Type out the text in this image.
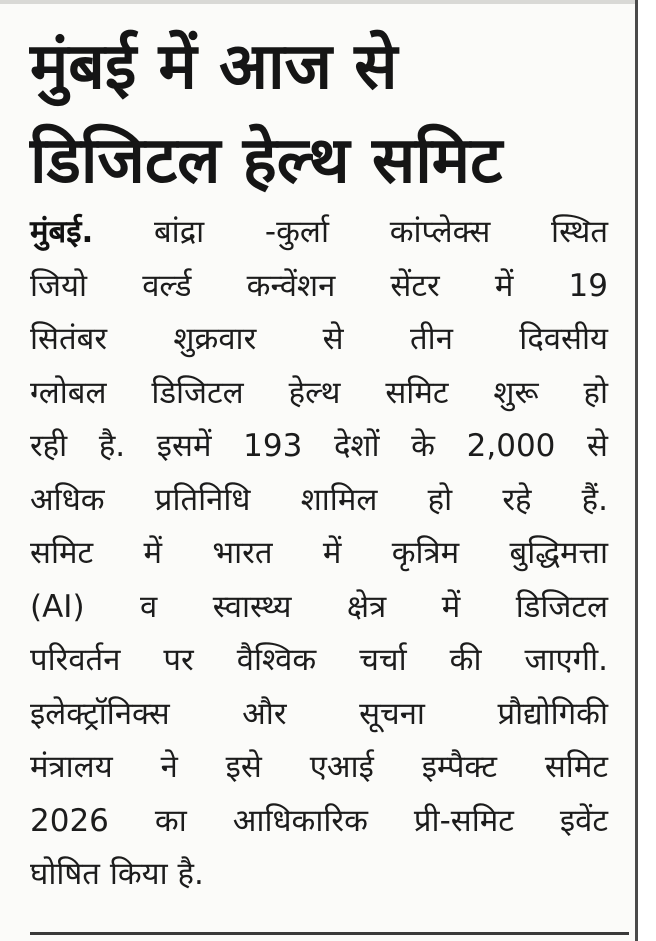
मुंबई में आज से
डिजिटल हेल्थ समिट
मुंबई. बांद्रा -कुर्ला कांप्लेक्स स्थित
जियो वर्ल्ड कन्वेंशन सेंटर में 19
सितंबर शुक्रवार से तीन दिवसीय
ग्लोबल डिजिटल हेल्थ समिट शुरू हो
रही है. इसमें 193 देशों के 2,000 से
अधिक प्रतिनिधि शामिल हो रहे हैं.
समिट में भारत में कृत्रिम बुद्धिमत्ता
(AI) व स्वास्थ्य क्षेत्र में डिजिटल
परिवर्तन पर वैश्विक चर्चा की जाएगी.
इलेक्ट्रॉनिक्स और सूचना प्रौद्योगिकी
मंत्रालय ने इसे एआई इम्पैक्ट समिट
2026 का आधिकारिक प्री-समिट इवेंट
घोषित किया है.
